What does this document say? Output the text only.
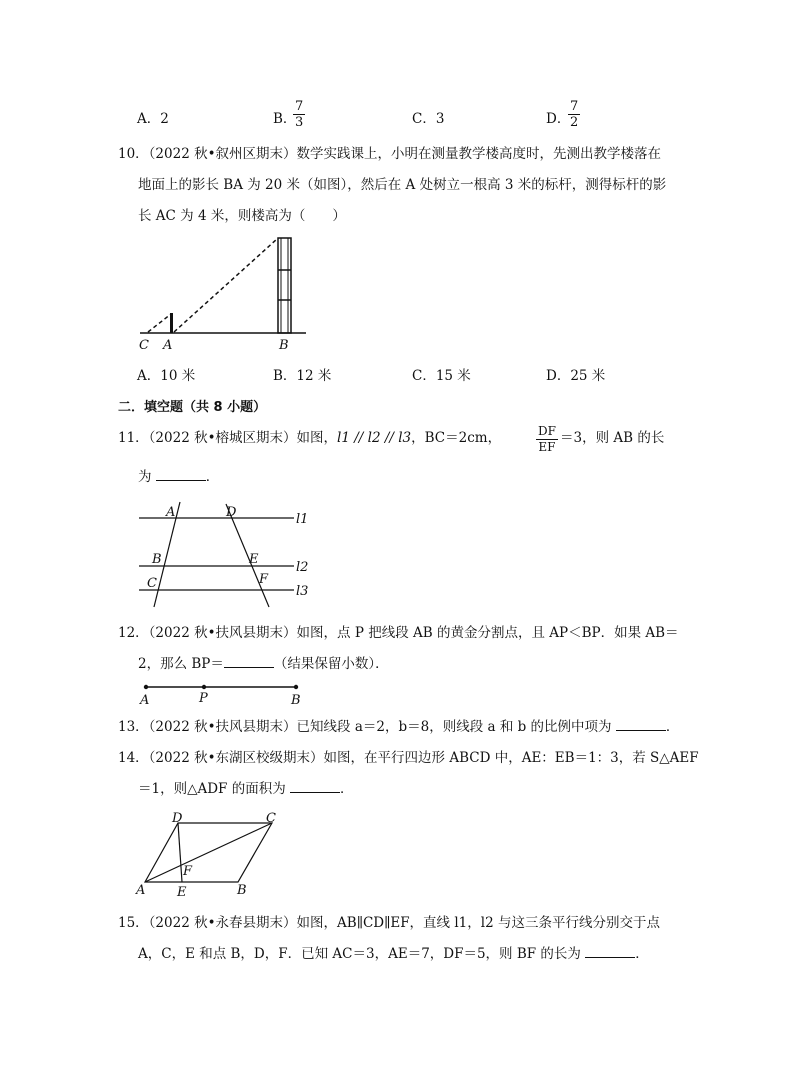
A．2	B．
$\frac{7}{3}$	C．3	D．
$\frac{7}{2}$
10．（2022 秋•叙州区期末）数学实践课上，小明在测量教学楼高度时，先测出教学楼落在
地面上的影长 BA 为 20 米（如图），然后在 A 处树立一根高 3 米的标杆，测得标杆的影
长 AC 为 4 米，则楼高为（　　）
C A	B
A．10 米	B．12 米	C．15 米	D．25 米
二．填空题（共 8 小题）
11．（2022 秋•榕城区期末）如图，l1 // l2 // l3，BC＝2cm，	$\frac{DF}{EF} =3$，则 AB 的长
为	．
A	D	l1
B	E
l2
C	F
l3
12．（2022 秋•扶风县期末）如图，点 P 把线段 AB 的黄金分割点，且 AP＜BP．如果 AB＝
2，那么 BP＝	（结果保留小数）．
A	P	B
13．（2022 秋•扶风县期末）已知线段 a＝2，b＝8，则线段 a 和 b 的比例中项为	．
14．（2022 秋•东湖区校级期末）如图，在平行四边形 ABCD 中，AE：EB＝1：3，若 S△AEF
＝1，则△ADF 的面积为	．
D	C
F
A E	B
15．（2022 秋•永春县期末）如图，AB∥CD∥EF，直线 l1，l2 与这三条平行线分别交于点
A，C，E 和点 B，D，F．已知 AC＝3，AE＝7，DF＝5，则 BF 的长为	．
